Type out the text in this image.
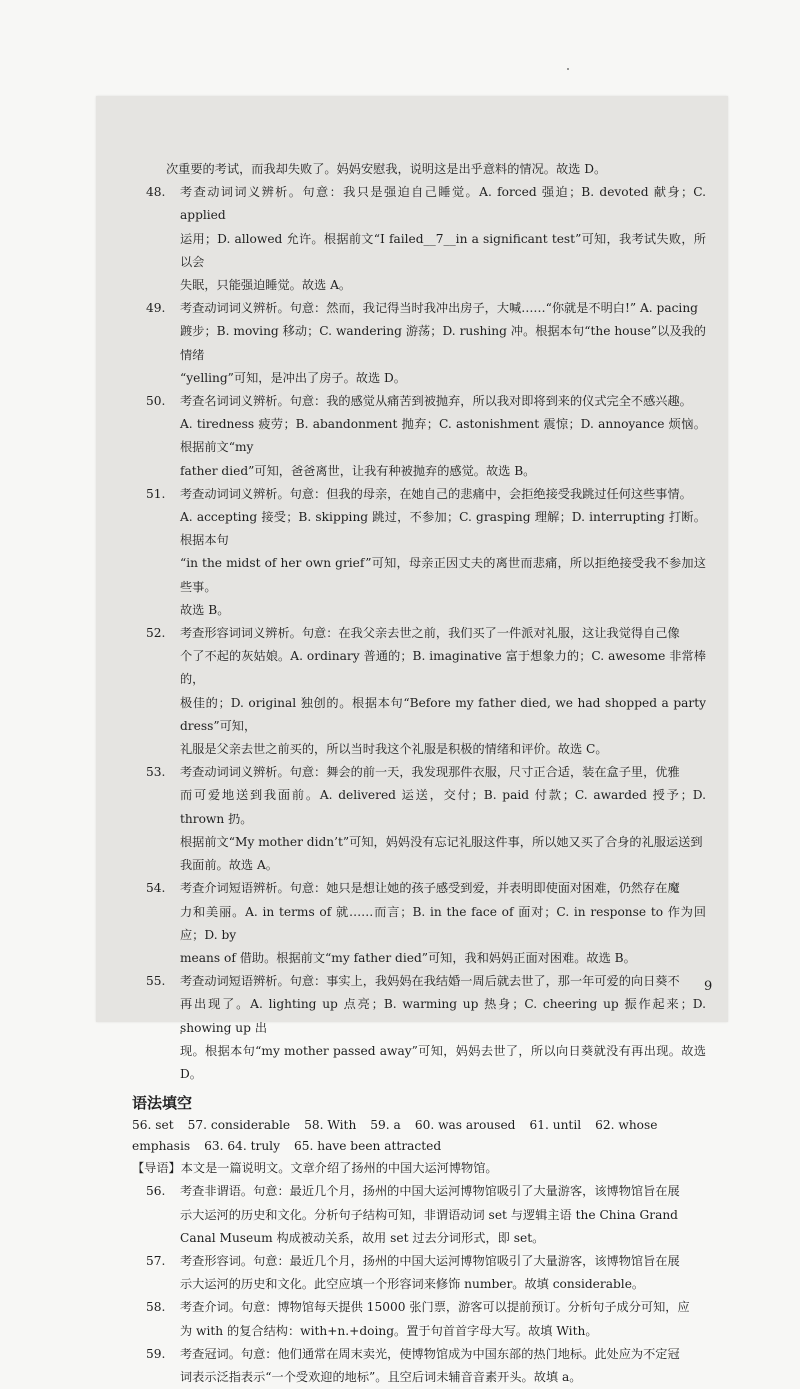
次重要的考试，而我却失败了。妈妈安慰我，说明这是出乎意料的情况。故选 D。
48.	考查动词词义辨析。句意：我只是强迫自己睡觉。A. forced 强迫；B. devoted 献身；C. applied
运用；D. allowed 允许。根据前文“I failed__7__in a significant test”可知，我考试失败，所以会
失眠，只能强迫睡觉。故选 A。
49.	考查动词词义辨析。句意：然而，我记得当时我冲出房子，大喊……“你就是不明白!” A. pacing
踱步；B. moving 移动；C. wandering 游荡；D. rushing 冲。根据本句“the house”以及我的情绪
“yelling”可知，是冲出了房子。故选 D。
50.	考查名词词义辨析。句意：我的感觉从痛苦到被抛弃，所以我对即将到来的仪式完全不感兴趣。
A. tiredness 疲劳；B. abandonment 抛弃；C. astonishment 震惊；D. annoyance 烦恼。根据前文“my
father died”可知，爸爸离世，让我有种被抛弃的感觉。故选 B。
51.	考查动词词义辨析。句意：但我的母亲，在她自己的悲痛中，会拒绝接受我跳过任何这些事情。
A. accepting 接受；B. skipping 跳过，不参加；C. grasping 理解；D. interrupting 打断。根据本句
“in the midst of her own grief”可知，母亲正因丈夫的离世而悲痛，所以拒绝接受我不参加这些事。
故选 B。
52.	考查形容词词义辨析。句意：在我父亲去世之前，我们买了一件派对礼服，这让我觉得自己像
个了不起的灰姑娘。A. ordinary 普通的；B. imaginative 富于想象力的；C. awesome 非常棒的，
极佳的；D. original 独创的。根据本句“Before my father died, we had shopped a party dress”可知，
礼服是父亲去世之前买的，所以当时我这个礼服是积极的情绪和评价。故选 C。
53.	考查动词词义辨析。句意：舞会的前一天，我发现那件衣服，尺寸正合适，装在盒子里，优雅
而可爱地送到我面前。A. delivered 运送，交付；B. paid 付款；C. awarded 授予；D. thrown 扔。
根据前文“My mother didn’t”可知，妈妈没有忘记礼服这件事，所以她又买了合身的礼服运送到
我面前。故选 A。
54.	考查介词短语辨析。句意：她只是想让她的孩子感受到爱，并表明即使面对困难，仍然存在魔
力和美丽。A. in terms of 就……而言；B. in the face of 面对；C. in response to 作为回应；D. by
means of 借助。根据前文“my father died”可知，我和妈妈正面对困难。故选 B。
55.	考查动词短语辨析。句意：事实上，我妈妈在我结婚一周后就去世了，那一年可爱的向日葵不
再出现了。A. lighting up 点亮；B. warming up 热身；C. cheering up 振作起来；D. showing up 出
现。根据本句“my mother passed away”可知，妈妈去世了，所以向日葵就没有再出现。故选 D。
语法填空
56. set 57. considerable 58. With 59. a 60. was aroused 61. until 62. whose
emphasis 63. 64. truly 65. have been attracted
【导语】本文是一篇说明文。文章介绍了扬州的中国大运河博物馆。
56.	考查非谓语。句意：最近几个月，扬州的中国大运河博物馆吸引了大量游客，该博物馆旨在展
示大运河的历史和文化。分析句子结构可知，非谓语动词 set 与逻辑主语 the China Grand
Canal Museum 构成被动关系，故用 set 过去分词形式，即 set。
57.	考查形容词。句意：最近几个月，扬州的中国大运河博物馆吸引了大量游客，该博物馆旨在展
示大运河的历史和文化。此空应填一个形容词来修饰 number。故填 considerable。
58.	考查介词。句意：博物馆每天提供 15000 张门票，游客可以提前预订。分析句子成分可知，应
为 with 的复合结构：with+n.+doing。置于句首首字母大写。故填 With。
59.	考查冠词。句意：他们通常在周末卖光，使博物馆成为中国东部的热门地标。此处应为不定冠
词表示泛指表示“一个受欢迎的地标”。且空后词未辅音音素开头。故填 a。
9
